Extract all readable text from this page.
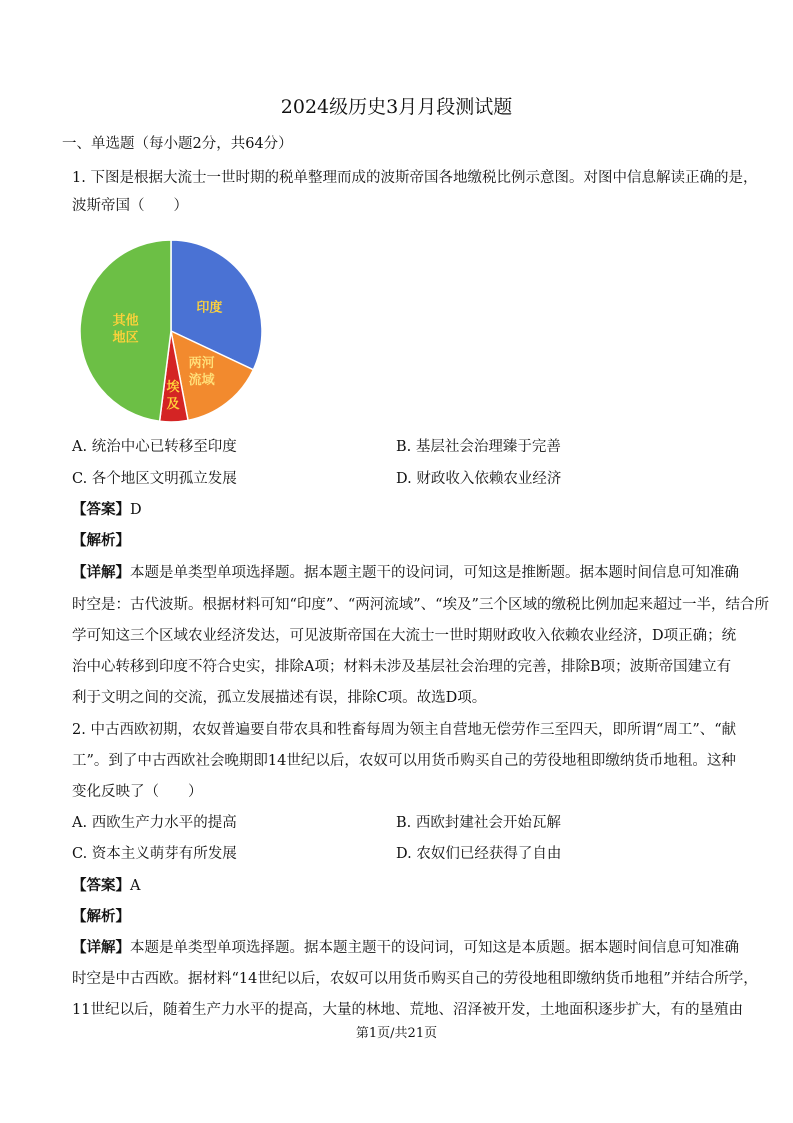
2024级历史3月月段测试题
一、单选题（每小题2分，共64分）
1. 下图是根据大流士一世时期的税单整理而成的波斯帝国各地缴税比例示意图。对图中信息解读正确的是，
波斯帝国（　　）
印度
两河流域
埃及
其他地区
A. 统治中心已转移至印度	B. 基层社会治理臻于完善
C. 各个地区文明孤立发展	D. 财政收入依赖农业经济
【答案】D
【解析】
【详解】本题是单类型单项选择题。据本题主题干的设问词，可知这是推断题。据本题时间信息可知准确
时空是：古代波斯。根据材料可知“印度”、“两河流域”、“埃及”三个区域的缴税比例加起来超过一半，结合所
学可知这三个区域农业经济发达，可见波斯帝国在大流士一世时期财政收入依赖农业经济，D项正确；统
治中心转移到印度不符合史实，排除A项；材料未涉及基层社会治理的完善，排除B项；波斯帝国建立有
利于文明之间的交流，孤立发展描述有误，排除C项。故选D项。
2. 中古西欧初期，农奴普遍要自带农具和牲畜每周为领主自营地无偿劳作三至四天，即所谓“周工”、“献
工”。到了中古西欧社会晚期即14世纪以后，农奴可以用货币购买自己的劳役地租即缴纳货币地租。这种
变化反映了（　　）
A. 西欧生产力水平的提高	B. 西欧封建社会开始瓦解
C. 资本主义萌芽有所发展	D. 农奴们已经获得了自由
【答案】A
【解析】
【详解】本题是单类型单项选择题。据本题主题干的设问词，可知这是本质题。据本题时间信息可知准确
时空是中古西欧。据材料“14世纪以后，农奴可以用货币购买自己的劳役地租即缴纳货币地租”并结合所学，
11世纪以后，随着生产力水平的提高，大量的林地、荒地、沼泽被开发，土地面积逐步扩大，有的垦殖由
第1页/共21页
